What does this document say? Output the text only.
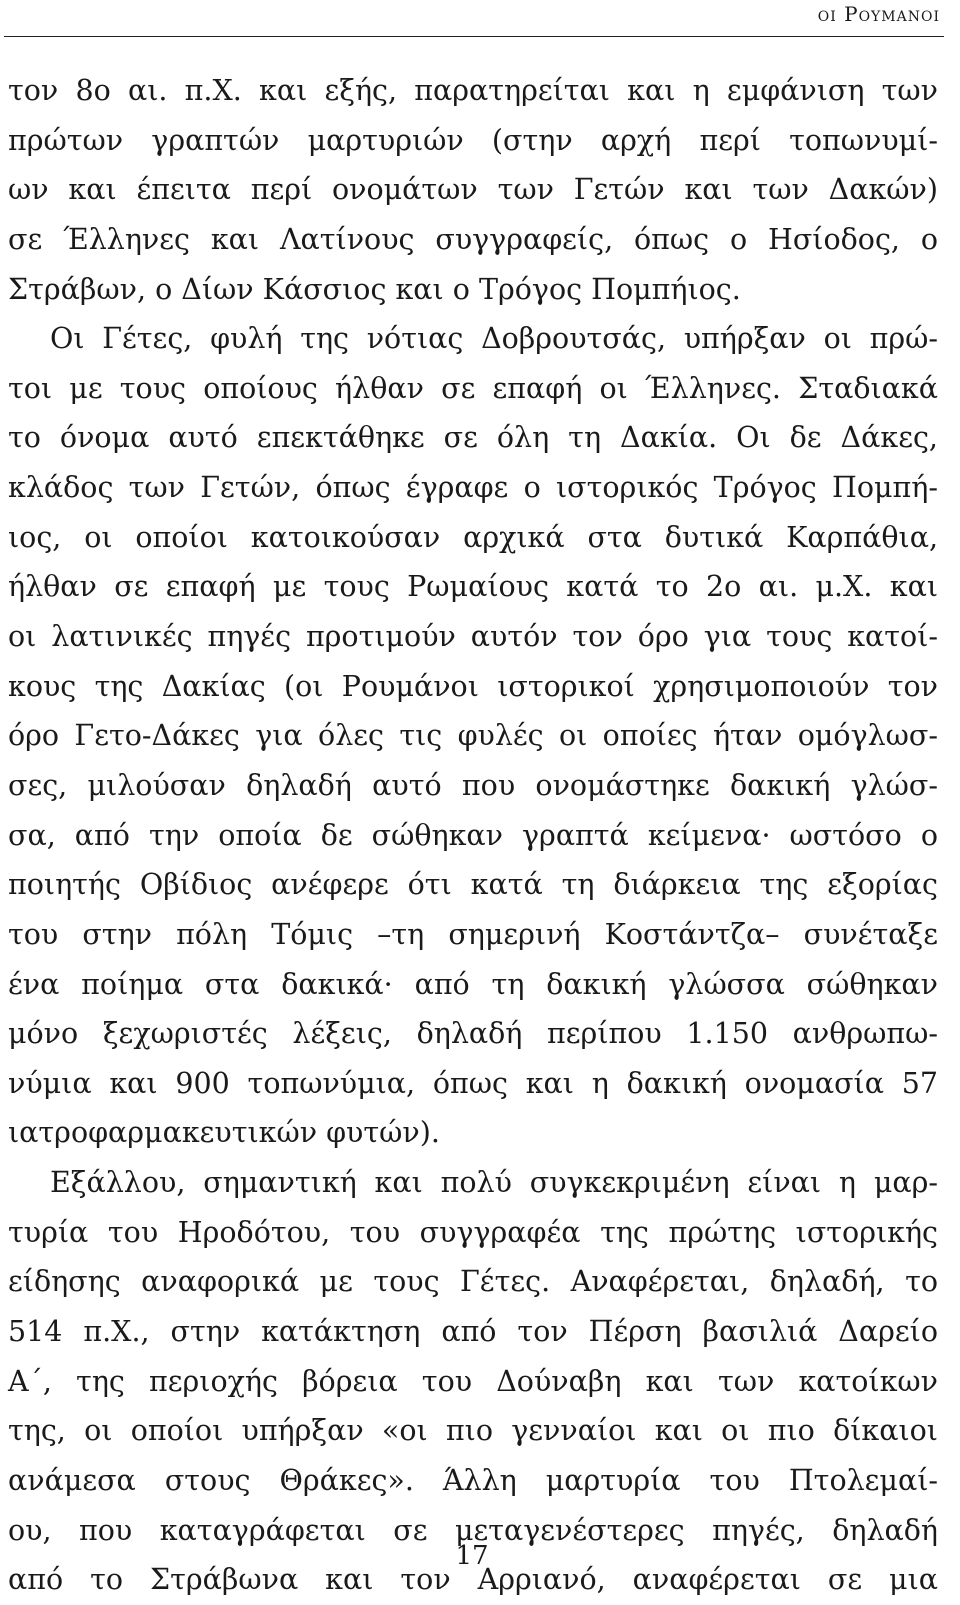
οι Ρουμανοι
τον 8ο αι. π.Χ. και εξής, παρατηρείται και η εμφάνιση των
πρώτων γραπτών μαρτυριών (στην αρχή περί τοπωνυμί-
ων και έπειτα περί ονομάτων των Γετών και των Δακών)
σε Έλληνες και Λατίνους συγγραφείς, όπως ο Ησίοδος, ο
Στράβων, ο Δίων Κάσσιος και ο Τρόγος Πομπήιος.
Οι Γέτες, φυλή της νότιας Δοβρουτσάς, υπήρξαν οι πρώ-
τοι με τους οποίους ήλθαν σε επαφή οι Έλληνες. Σταδιακά
το όνομα αυτό επεκτάθηκε σε όλη τη Δακία. Οι δε Δάκες,
κλάδος των Γετών, όπως έγραφε ο ιστορικός Τρόγος Πομπή-
ιος, οι οποίοι κατοικούσαν αρχικά στα δυτικά Καρπάθια,
ήλθαν σε επαφή με τους Ρωμαίους κατά το 2ο αι. μ.Χ. και
οι λατινικές πηγές προτιμούν αυτόν τον όρο για τους κατοί-
κους της Δακίας (οι Ρουμάνοι ιστορικοί χρησιμοποιούν τον
όρο Γετο-Δάκες για όλες τις φυλές οι οποίες ήταν ομόγλωσ-
σες, μιλούσαν δηλαδή αυτό που ονομάστηκε δακική γλώσ-
σα, από την οποία δε σώθηκαν γραπτά κείμενα· ωστόσο ο
ποιητής Οβίδιος ανέφερε ότι κατά τη διάρκεια της εξορίας
του στην πόλη Τόμις –τη σημερινή Κοστάντζα– συνέταξε
ένα ποίημα στα δακικά· από τη δακική γλώσσα σώθηκαν
μόνο ξεχωριστές λέξεις, δηλαδή περίπου 1.150 ανθρωπω-
νύμια και 900 τοπωνύμια, όπως και η δακική ονομασία 57
ιατροφαρμακευτικών φυτών).
Εξάλλου, σημαντική και πολύ συγκεκριμένη είναι η μαρ-
τυρία του Ηροδότου, του συγγραφέα της πρώτης ιστορικής
είδησης αναφορικά με τους Γέτες. Αναφέρεται, δηλαδή, το
514 π.Χ., στην κατάκτηση από τον Πέρση βασιλιά Δαρείο
Α΄, της περιοχής βόρεια του Δούναβη και των κατοίκων
της, οι οποίοι υπήρξαν «οι πιο γενναίοι και οι πιο δίκαιοι
ανάμεσα στους Θράκες». Άλλη μαρτυρία του Πτολεμαί-
ου, που καταγράφεται σε μεταγενέστερες πηγές, δηλαδή
από το Στράβωνα και τον Αρριανό, αναφέρεται σε μια
17
